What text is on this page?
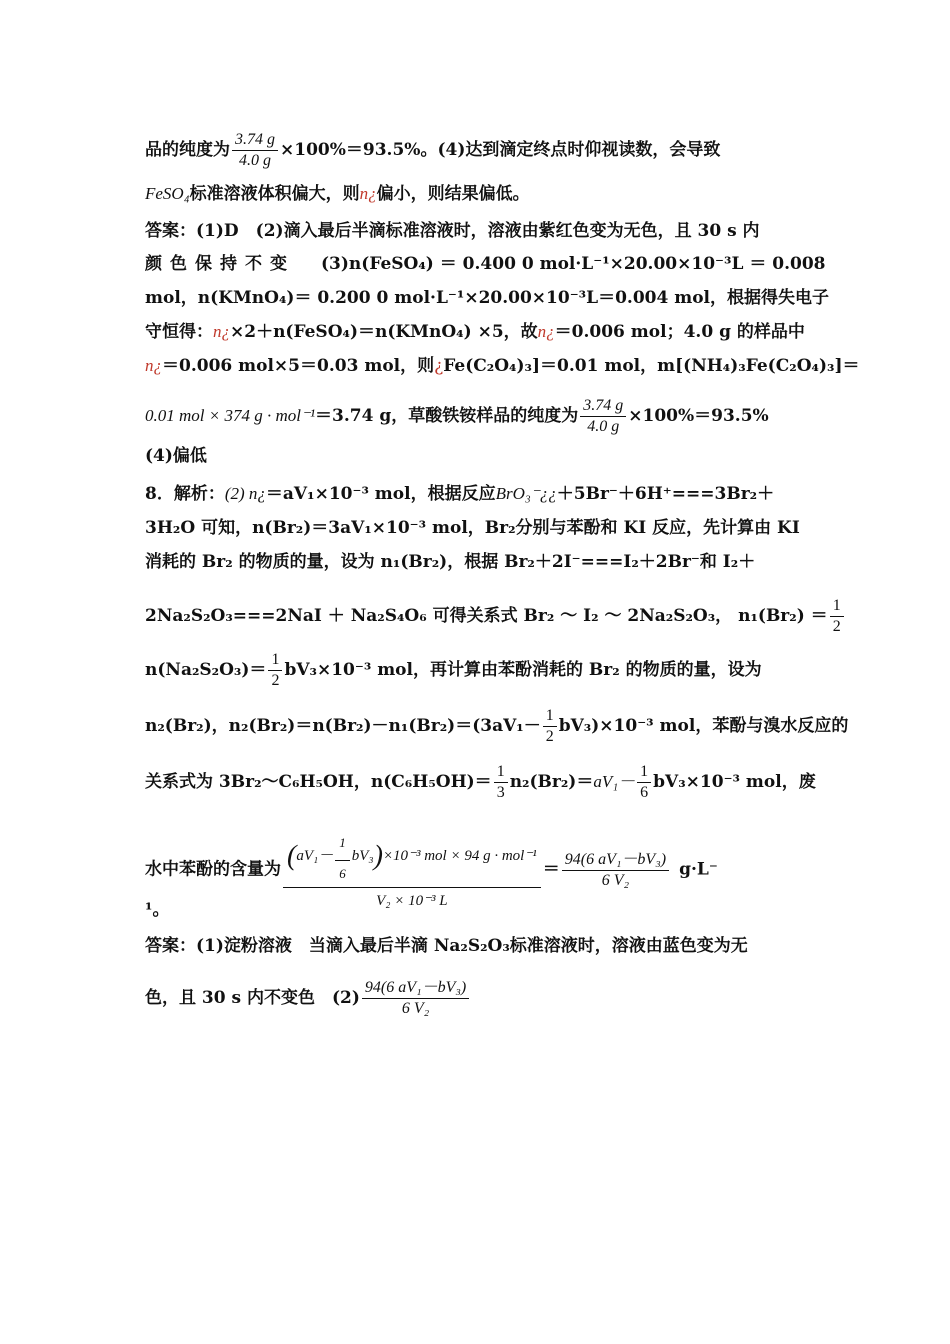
品的纯度为 $\frac{3.74 g}{4.0 g} \times 100\%=93.5\%$。(4)达到滴定终点时仰视读数，会导致
FeSO₄标准溶液体积偏大，则n¿偏小，则结果偏低。
答案：(1)D　(2)滴入最后半滴标准溶液时，溶液由紫红色变为无色，且 30 s 内
颜色保持不变 (3)n(FeSO₄) ＝ 0.400 0 mol·L⁻¹×20.00×10⁻³L ＝ 0.008
mol，n(KMnO₄)＝ 0.200 0 mol·L⁻¹×20.00×10⁻³L＝0.004 mol，根据得失电子
守恒得：n¿×2＋n(FeSO₄)＝n(KMnO₄) ×5，故n¿＝0.006 mol；4.0 g 的样品中
n¿＝0.006 mol×5＝0.03 mol，则¿Fe(C₂O₄)₃]＝0.01 mol，m[(NH₄)₃Fe(C₂O₄)₃]＝
0.01 mol × 374 g · mol⁻¹＝3.74 g，草酸铁铵样品的纯度为 $\frac{3.74 g}{4.0 g} \times 100\%=93.5\%$
(4)偏低
8．解析：(2) n¿＝aV₁×10⁻³ mol，根据反应BrO₃⁻¿¿＋5Br⁻＋6H⁺===3Br₂＋
3H₂O 可知，n(Br₂)＝3aV₁×10⁻³ mol，Br₂分别与苯酚和 KI 反应，先计算由 KI
消耗的 Br₂ 的物质的量，设为 n₁(Br₂)，根据 Br₂＋2I⁻===I₂＋2Br⁻和 I₂＋
2Na₂S₂O₃===2NaI ＋ Na₂S₄O₆ 可得关系式 Br₂ ～ I₂ ～ 2Na₂S₂O₃， $n_1(Br_2) = \frac{1}{2}$
$n(Na_2S_2O_3)= \frac{1}{2} bV_3\times 10^{-3}$ mol，再计算由苯酚消耗的 Br₂ 的物质的量，设为
n₂(Br₂)，$n_2(Br_2)=n(Br_2)-n_1(Br_2)=(3aV_1- \frac{1}{2} bV_3)\times 10^{-3}$ mol，苯酚与溴水反应的
关系式为 3Br₂～C₆H₅OH，$n(C_6H_5OH)= \frac{1}{3} n_2(Br_2)=aV_1- \frac{1}{6} bV_3\times 10^{-3}$ mol，废
水中苯酚的含量为 $\frac{(aV_1- \frac{1}{6} bV_3)\times 10^{-3} mol \times 94 g \cdot mol^{-1}}{\text{V₂ × 10⁻³ L}} = \frac{\text{94(6 aV₁－bV₃)}}{\text{6 V₂}} g\cdot L^-$
¹。
答案：(1)淀粉溶液　当滴入最后半滴 Na₂S₂O₃标准溶液时，溶液由蓝色变为无
色，且 30 s 内不变色　$(2) \frac{\text{94(6 aV₁－bV₃)}}{\text{6 V₂}}$
